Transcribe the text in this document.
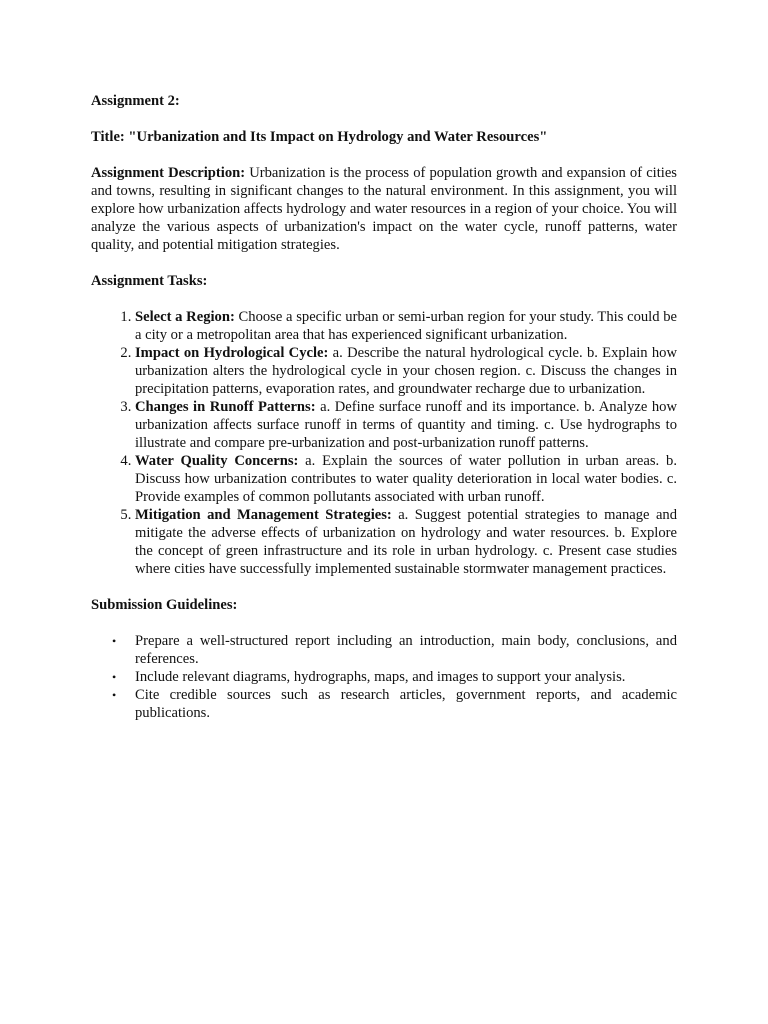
Assignment 2:

Title: "Urbanization and Its Impact on Hydrology and Water Resources"

Assignment Description: Urbanization is the process of population growth and expansion of cities and towns, resulting in significant changes to the natural environment. In this assignment, you will explore how urbanization affects hydrology and water resources in a region of your choice. You will analyze the various aspects of urbanization's impact on the water cycle, runoff patterns, water quality, and potential mitigation strategies.

Assignment Tasks:

1. Select a Region: Choose a specific urban or semi-urban region for your study. This could be a city or a metropolitan area that has experienced significant urbanization.
2. Impact on Hydrological Cycle: a. Describe the natural hydrological cycle. b. Explain how urbanization alters the hydrological cycle in your chosen region. c. Discuss the changes in precipitation patterns, evaporation rates, and groundwater recharge due to urbanization.
3. Changes in Runoff Patterns: a. Define surface runoff and its importance. b. Analyze how urbanization affects surface runoff in terms of quantity and timing. c. Use hydrographs to illustrate and compare pre-urbanization and post-urbanization runoff patterns.
4. Water Quality Concerns: a. Explain the sources of water pollution in urban areas. b. Discuss how urbanization contributes to water quality deterioration in local water bodies. c. Provide examples of common pollutants associated with urban runoff.
5. Mitigation and Management Strategies: a. Suggest potential strategies to manage and mitigate the adverse effects of urbanization on hydrology and water resources. b. Explore the concept of green infrastructure and its role in urban hydrology. c. Present case studies where cities have successfully implemented sustainable stormwater management practices.

Submission Guidelines:

• Prepare a well-structured report including an introduction, main body, conclusions, and references.
• Include relevant diagrams, hydrographs, maps, and images to support your analysis.
• Cite credible sources such as research articles, government reports, and academic publications.
